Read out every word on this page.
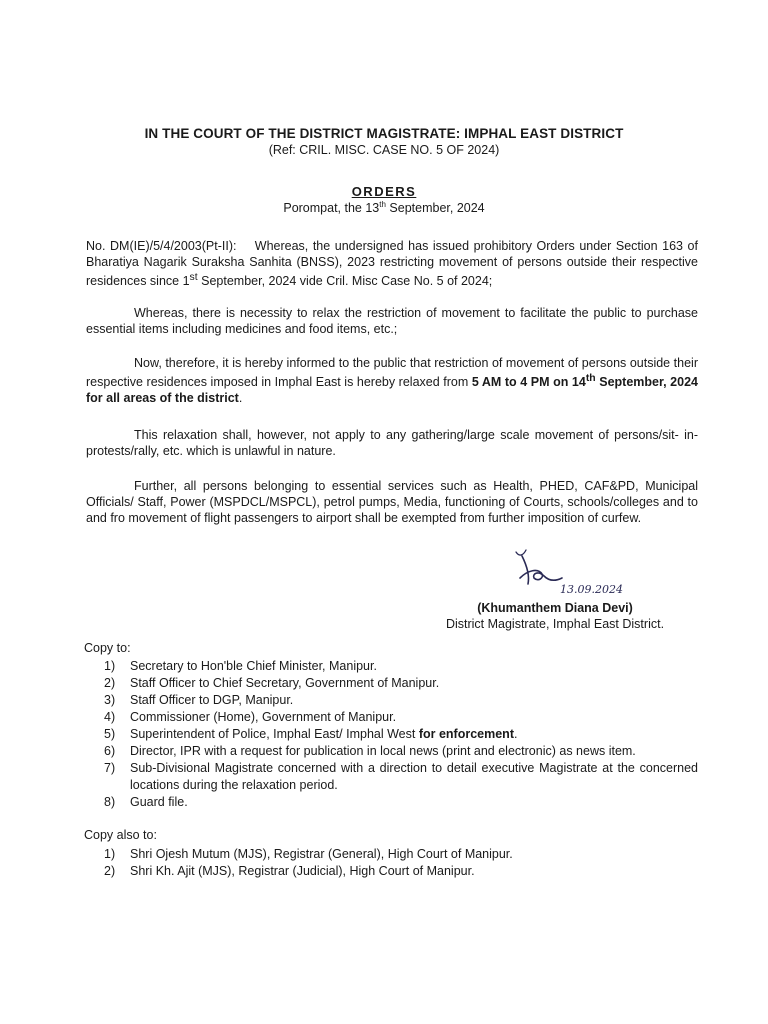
IN THE COURT OF THE DISTRICT MAGISTRATE: IMPHAL EAST DISTRICT
(Ref: CRIL. MISC. CASE NO. 5 OF 2024)
ORDERS
Porompat, the 13th September, 2024
No. DM(IE)/5/4/2003(Pt-II): Whereas, the undersigned has issued prohibitory Orders under Section 163 of Bharatiya Nagarik Suraksha Sanhita (BNSS), 2023 restricting movement of persons outside their respective residences since 1st September, 2024 vide Cril. Misc Case No. 5 of 2024;
Whereas, there is necessity to relax the restriction of movement to facilitate the public to purchase essential items including medicines and food items, etc.;
Now, therefore, it is hereby informed to the public that restriction of movement of persons outside their respective residences imposed in Imphal East is hereby relaxed from 5 AM to 4 PM on 14th September, 2024 for all areas of the district.
This relaxation shall, however, not apply to any gathering/large scale movement of persons/sit- in-protests/rally, etc. which is unlawful in nature.
Further, all persons belonging to essential services such as Health, PHED, CAF&PD, Municipal Officials/ Staff, Power (MSPDCL/MSPCL), petrol pumps, Media, functioning of Courts, schools/colleges and to and fro movement of flight passengers to airport shall be exempted from further imposition of curfew.
13.09.2024
(Khumanthem Diana Devi)
District Magistrate, Imphal East District.
Copy to:
1) Secretary to Hon'ble Chief Minister, Manipur.
2) Staff Officer to Chief Secretary, Government of Manipur.
3) Staff Officer to DGP, Manipur.
4) Commissioner (Home), Government of Manipur.
5) Superintendent of Police, Imphal East/ Imphal West for enforcement.
6) Director, IPR with a request for publication in local news (print and electronic) as news item.
7) Sub-Divisional Magistrate concerned with a direction to detail executive Magistrate at the concerned locations during the relaxation period.
8) Guard file.
Copy also to:
1) Shri Ojesh Mutum (MJS), Registrar (General), High Court of Manipur.
2) Shri Kh. Ajit (MJS), Registrar (Judicial), High Court of Manipur.
